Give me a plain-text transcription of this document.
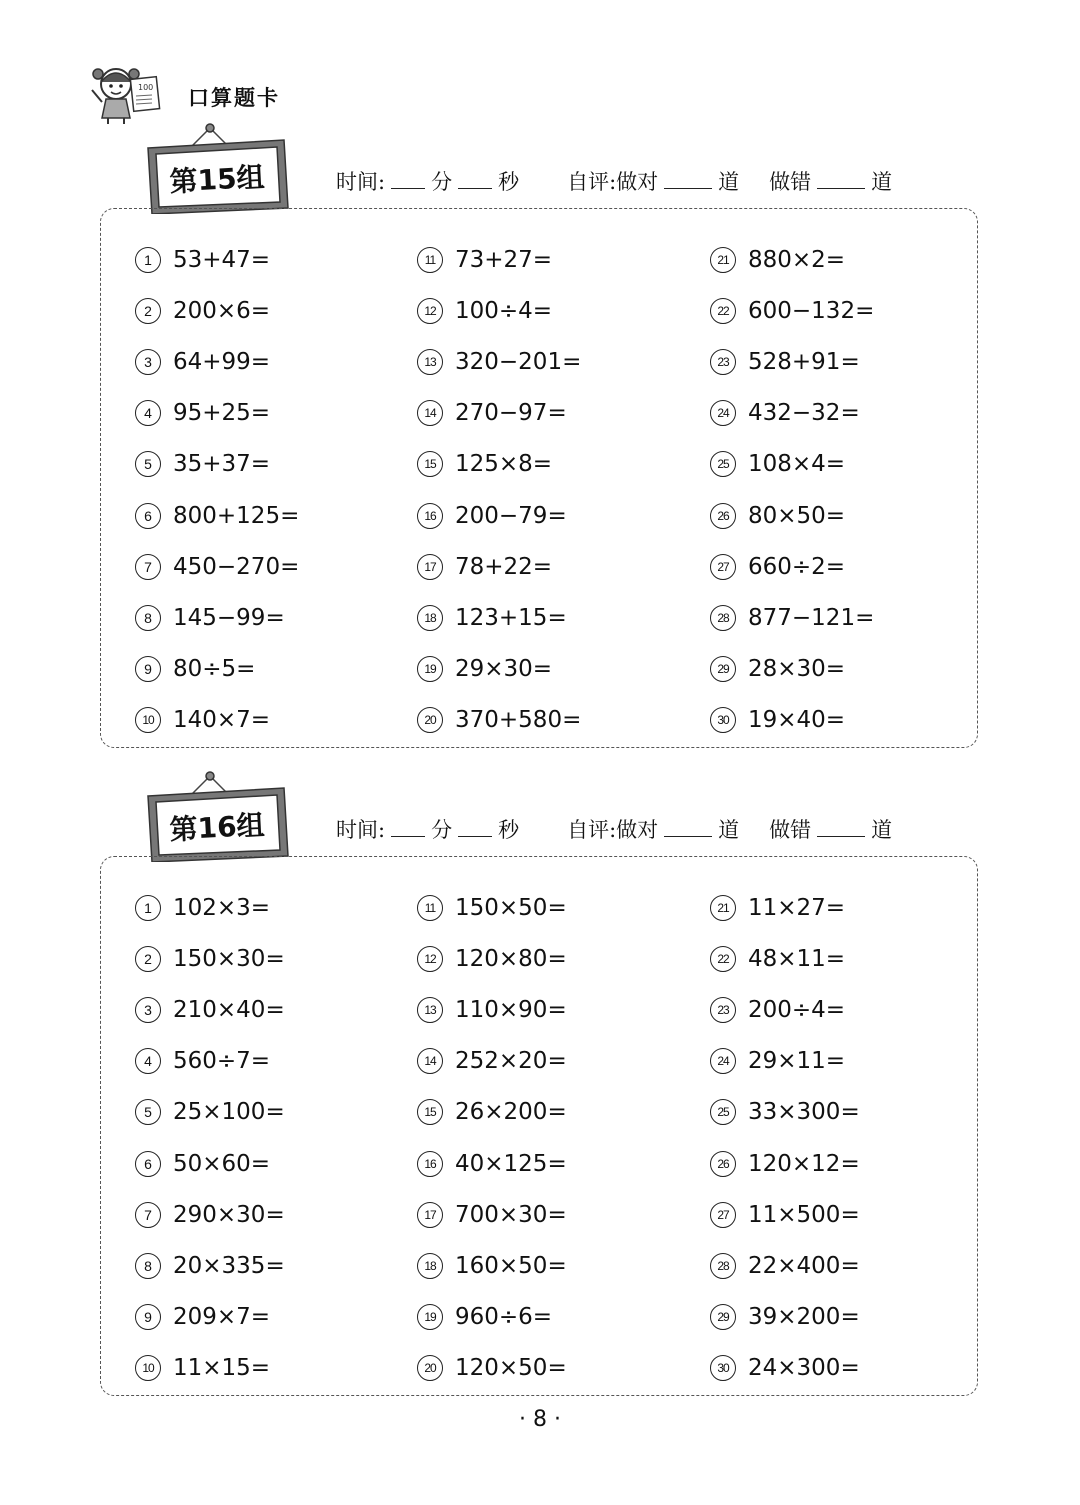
100 口算题卡
第15组	时间: 分 秒 自评:做对	道 做错	道
1 53+47=
2 200×6=
3 64+99=
4 95+25=
5 35+37=
6 800+125=
7 450−270=
8 145−99=
9 80÷5=
10 140×7=
11 73+27=
12 100÷4=
13 320−201=
14 270−97=
15 125×8=
16 200−79=
17 78+22=
18 123+15=
19 29×30=
20 370+580=
21 880×2=
22 600−132=
23 528+91=
24 432−32=
25 108×4=
26 80×50=
27 660÷2=
28 877−121=
29 28×30=
30 19×40=
第16组	时间: 分 秒 自评:做对	道 做错	道
1 102×3=
2 150×30=
3 210×40=
4 560÷7=
5 25×100=
6 50×60=
7 290×30=
8 20×335=
9 209×7=
10 11×15=
11 150×50=
12 120×80=
13 110×90=
14 252×20=
15 26×200=
16 40×125=
17 700×30=
18 160×50=
19 960÷6=
20 120×50=
21 11×27=
22 48×11=
23 200÷4=
24 29×11=
25 33×300=
26 120×12=
27 11×500=
28 22×400=
29 39×200=
30 24×300=
· 8 ·
